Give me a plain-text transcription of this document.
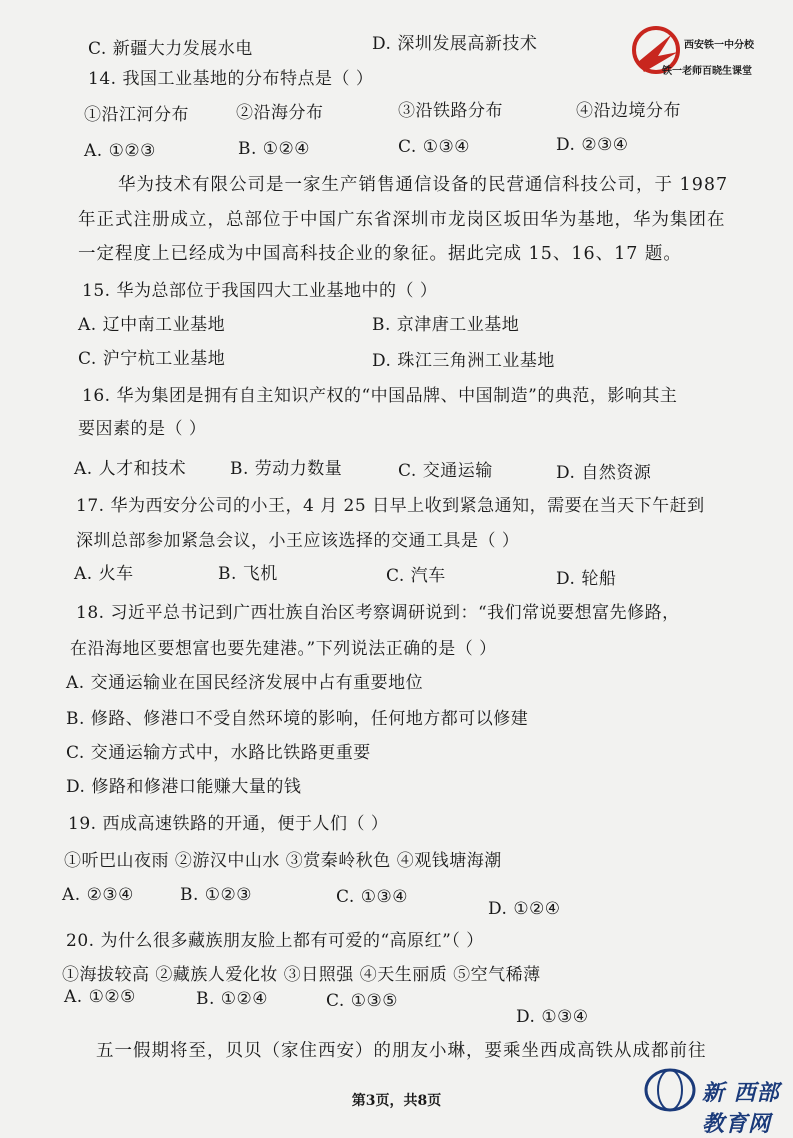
C. 新疆大力发展水电	D. 深圳发展高新技术
14. 我国工业基地的分布特点是（ ）
①沿江河分布	②沿海分布	③沿铁路分布	④沿边境分布
A. ①②③	B. ①②④	C. ①③④	D. ②③④
华为技术有限公司是一家生产销售通信设备的民营通信科技公司，于 1987
年正式注册成立，总部位于中国广东省深圳市龙岗区坂田华为基地，华为集团在
一定程度上已经成为中国高科技企业的象征。据此完成 15、16、17 题。
15. 华为总部位于我国四大工业基地中的（ ）
A. 辽中南工业基地	B. 京津唐工业基地
C. 沪宁杭工业基地	D. 珠江三角洲工业基地
16. 华为集团是拥有自主知识产权的“中国品牌、中国制造”的典范，影响其主
要因素的是（ ）
A. 人才和技术	B. 劳动力数量	C. 交通运输	D. 自然资源
17. 华为西安分公司的小王，4 月 25 日早上收到紧急通知，需要在当天下午赶到
深圳总部参加紧急会议，小王应该选择的交通工具是（ ）
A. 火车	B. 飞机	C. 汽车	D. 轮船
18. 习近平总书记到广西壮族自治区考察调研说到：“我们常说要想富先修路，
在沿海地区要想富也要先建港。”下列说法正确的是（ ）
A. 交通运输业在国民经济发展中占有重要地位
B. 修路、修港口不受自然环境的影响，任何地方都可以修建
C. 交通运输方式中，水路比铁路更重要
D. 修路和修港口能赚大量的钱
19. 西成高速铁路的开通，便于人们（ ）
①听巴山夜雨 ②游汉中山水 ③赏秦岭秋色 ④观钱塘海潮
A. ②③④	B. ①②③	C. ①③④
D. ①②④
20. 为什么很多藏族朋友脸上都有可爱的“高原红”（ ）
①海拔较高 ②藏族人爱化妆 ③日照强 ④天生丽质 ⑤空气稀薄
A. ①②⑤	B. ①②④	C. ①③⑤
D. ①③④
五一假期将至，贝贝（家住西安）的朋友小琳，要乘坐西成高铁从成都前往
西安铁一中分校
铁一老师百晓生课堂
第3页，共8页	新 西部教育网
